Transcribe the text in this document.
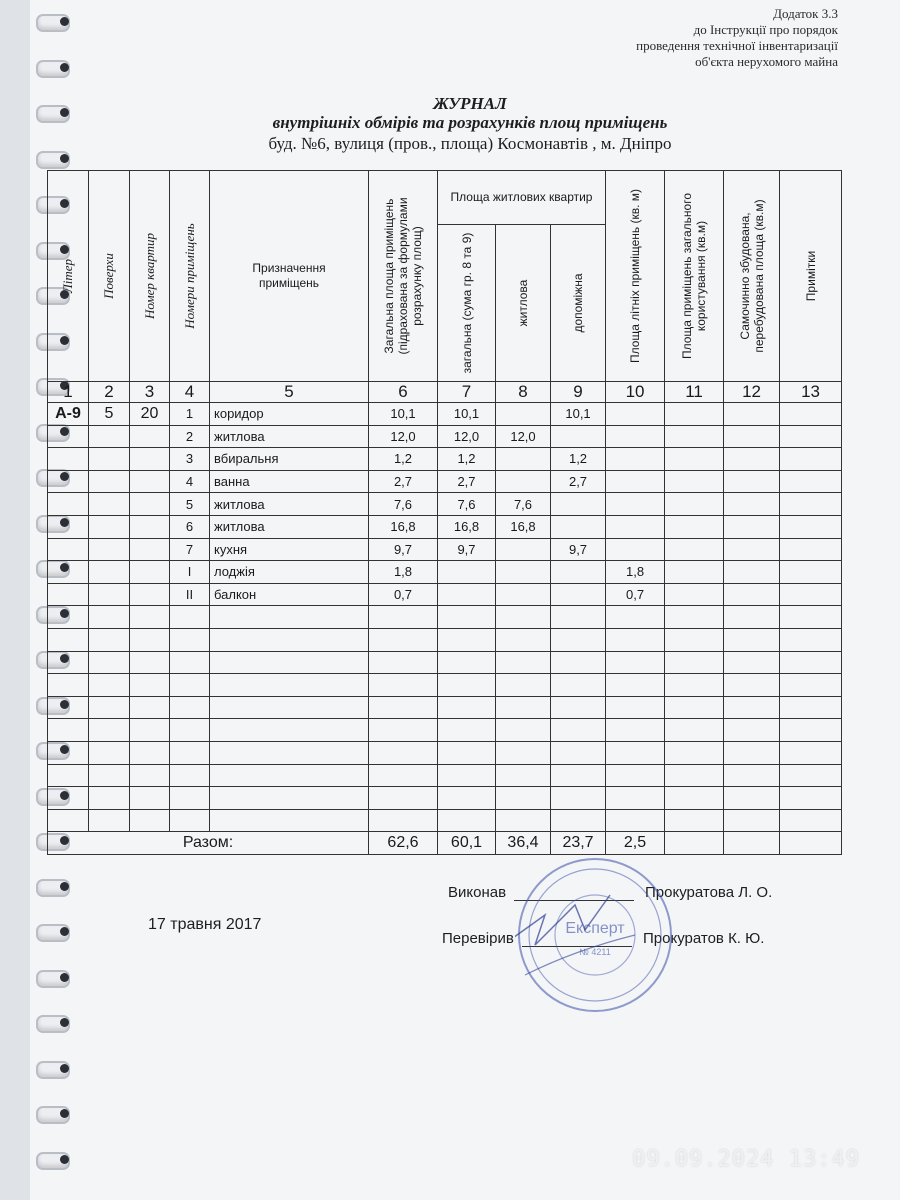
Додаток 3.3
до Інструкції про порядок
проведення технічної інвентаризації
об'єкта нерухомого майна
ЖУРНАЛ
внутрішніх обмірів та розрахунків площ приміщень
буд. №6, вулиця (пров., площа) Космонавтів , м. Дніпро
Літер	Поверхи	Номер квартир	Номери приміщень	Призначення приміщень	Загальна площа приміщень (підрахована за формулами розрахунку площ)	Площа житлових квартир			Площа літніх приміщень (кв. м)	Площа приміщень загального користування (кв.м)	Самочинно збудована, перебудована площа (кв.м)	Примітки

						загальна (сума гр. 8 та 9)	житлова	допоміжна				

1	2	3	4	5	6	7	8	9	10	11	12	13
А-9	5	20	1	коридор	10,1	10,1		10,1				
			2	житлова	12,0	12,0	12,0					
			3	вбиральня	1,2	1,2		1,2				
			4	ванна	2,7	2,7		2,7				
			5	житлова	7,6	7,6	7,6					
			6	житлова	16,8	16,8	16,8					
			7	кухня	9,7	9,7		9,7				
			І	лоджія	1,8				1,8			
			ІІ	балкон	0,7				0,7			

Разом:					62,6	60,1	36,4	23,7	2,5			
17 травня 2017
Виконав	Прокуратова Л. О.
Перевірив	Прокуратов К. Ю.
Експерт
№ 4211
09.09.2024 13:49
